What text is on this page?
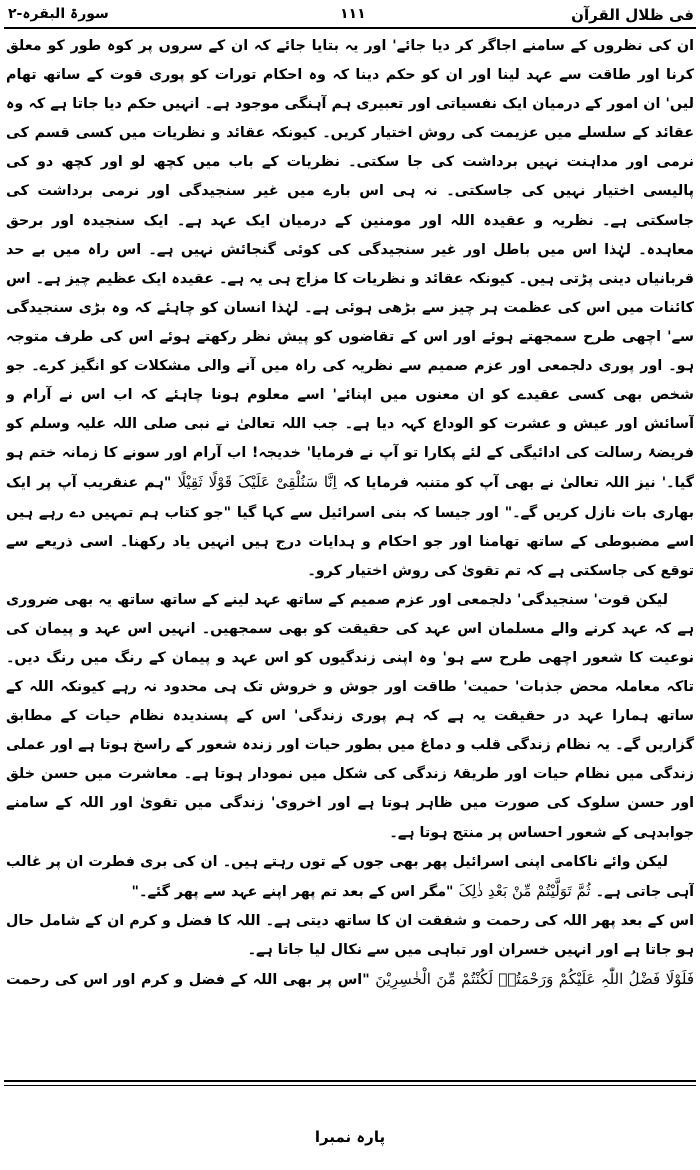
فی ظلال القرآن
۱۱۱
سورۃ البقرہ-۲

ان کی نظروں کے سامنے اجاگر کر دیا جائے' اور یہ بتایا جائے کہ ان کے سروں پر کوہ طور کو معلق کرنا اور طاقت سے عہد لینا اور ان کو حکم دینا کہ وہ احکام تورات کو پوری قوت کے ساتھ تھام لیں' ان امور کے درمیان ایک نفسیاتی اور تعبیری ہم آہنگی موجود ہے۔ انہیں حکم دیا جاتا ہے کہ وہ عقائد کے سلسلے میں عزیمت کی روش اختیار کریں۔ کیونکہ عقائد و نظریات میں کسی قسم کی نرمی اور مداہنت نہیں برداشت کی جا سکتی۔ نظریات کے باب میں کچھ لو اور کچھ دو کی پالیسی اختیار نہیں کی جاسکتی۔ نہ ہی اس بارے میں غیر سنجیدگی اور نرمی برداشت کی جاسکتی ہے۔ نظریہ و عقیدہ اللہ اور مومنین کے درمیان ایک عہد ہے۔ ایک سنجیدہ اور برحق معاہدہ۔ لہٰذا اس میں باطل اور غیر سنجیدگی کی کوئی گنجائش نہیں ہے۔ اس راہ میں بے حد قربانیاں دینی پڑتی ہیں۔ کیونکہ عقائد و نظریات کا مزاج ہی یہ ہے۔ عقیدہ ایک عظیم چیز ہے۔ اس کائنات میں اس کی عظمت ہر چیز سے بڑھی ہوئی ہے۔ لہٰذا انسان کو چاہئے کہ وہ بڑی سنجیدگی سے' اچھی طرح سمجھتے ہوئے اور اس کے تقاضوں کو پیش نظر رکھتے ہوئے اس کی طرف متوجہ ہو۔ اور پوری دلجمعی اور عزم صمیم سے نظریہ کی راہ میں آنے والی مشکلات کو انگیز کرے۔ جو شخص بھی کسی عقیدے کو ان معنوں میں اپنائے' اسے معلوم ہونا چاہئے کہ اب اس نے آرام و آسائش اور عیش و عشرت کو الوداع کہہ دیا ہے۔ جب اللہ تعالیٰ نے نبی صلی اللہ علیہ وسلم کو فریضۂ رسالت کی ادائیگی کے لئے پکارا تو آپ نے فرمایا' خدیجہ! اب آرام اور سونے کا زمانہ ختم ہو گیا۔' نیز اللہ تعالیٰ نے بھی آپ کو متنبہ فرمایا کہ اِنَّا سَنُلْقِیْ عَلَیْکَ قَوْلًا ثَقِیْلًا "ہم عنقریب آپ پر ایک بھاری بات نازل کریں گے۔" اور جیسا کہ بنی اسرائیل سے کہا گیا "جو کتاب ہم تمہیں دے رہے ہیں اسے مضبوطی کے ساتھ تھامنا اور جو احکام و ہدایات درج ہیں انہیں یاد رکھنا۔ اسی ذریعے سے توقع کی جاسکتی ہے کہ تم تقویٰ کی روش اختیار کرو۔

لیکن قوت' سنجیدگی' دلجمعی اور عزم صمیم کے ساتھ عہد لینے کے ساتھ ساتھ یہ بھی ضروری ہے کہ عہد کرنے والے مسلمان اس عہد کی حقیقت کو بھی سمجھیں۔ انہیں اس عہد و پیمان کی نوعیت کا شعور اچھی طرح سے ہو' وہ اپنی زندگیوں کو اس عہد و پیمان کے رنگ میں رنگ دیں۔ تاکہ معاملہ محض جذبات' حمیت' طاقت اور جوش و خروش تک ہی محدود نہ رہے کیونکہ اللہ کے ساتھ ہمارا عہد در حقیقت یہ ہے کہ ہم پوری زندگی' اس کے پسندیدہ نظام حیات کے مطابق گزاریں گے۔ یہ نظام زندگی قلب و دماغ میں بطور حیات اور زندہ شعور کے راسخ ہوتا ہے اور عملی زندگی میں نظام حیات اور طریقۂ زندگی کی شکل میں نمودار ہوتا ہے۔ معاشرت میں حسن خلق اور حسن سلوک کی صورت میں ظاہر ہوتا ہے اور اخروی' زندگی میں تقویٰ اور اللہ کے سامنے جوابدہی کے شعور احساس پر منتج ہوتا ہے۔

لیکن وائے ناکامی اپنی اسرائیل پھر بھی جوں کے توں رہتے ہیں۔ ان کی بری فطرت ان پر غالب آہی جاتی ہے۔ ثُمَّ تَوَلَّیْتُمْ مِّنْ بَعْدِ ذٰلِکَ "مگر اس کے بعد تم پھر اپنے عہد سے پھر گئے۔"

اس کے بعد پھر اللہ کی رحمت و شفقت ان کا ساتھ دیتی ہے۔ اللہ کا فضل و کرم ان کے شامل حال ہو جاتا ہے اور انہیں خسران اور تباہی میں سے نکال لیا جاتا ہے۔

فَلَوْلَا فَضْلُ اللّٰہِ عَلَیْکُمْ وَرَحْمَتُہٗ لَکُنْتُمْ مِّنَ الْخٰسِرِیْنَ "اس پر بھی اللہ کے فضل و کرم اور اس کی رحمت

پارہ نمبرا
